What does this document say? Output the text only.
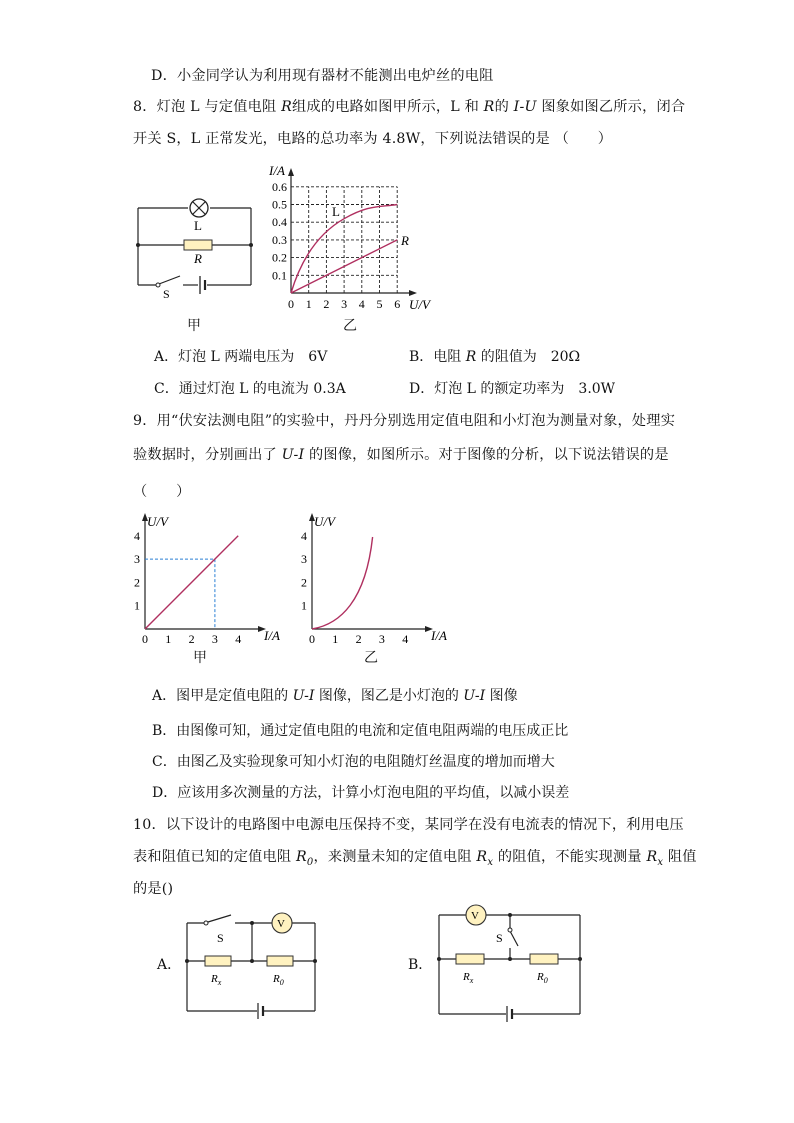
D．小金同学认为利用现有器材不能测出电炉丝的电阻
8．灯泡 L 与定值电阻 R组成的电路如图甲所示，L 和 R的 I-U 图象如图乙所示，闭合
开关 S，L 正常发光，电路的总功率为 4.8W，下列说法错误的是 （　　）
L
R
S
甲
0.6
0.5
0.4
0.3
0.2
0.1
0 1 2 3 4 5 6
I/A
U/V
L
R
乙
A．灯泡 L 两端电压为　6V	B．电阻 R 的阻值为　20Ω
C．通过灯泡 L 的电流为 0.3A	D．灯泡 L 的额定功率为　3.0W
9．用“伏安法测电阻”的实验中，丹丹分别选用定值电阻和小灯泡为测量对象，处理实
验数据时，分别画出了 U-I 的图像，如图所示。对于图像的分析，以下说法错误的是
（　　）
4
3
2
1
0 1 2 3 4
U/V
I/A
甲
4
3
2
1
0 1 2 3 4
U/V
I/A
乙
A．图甲是定值电阻的 U-I 图像，图乙是小灯泡的 U-I 图像
B．由图像可知，通过定值电阻的电流和定值电阻两端的电压成正比
C．由图乙及实验现象可知小灯泡的电阻随灯丝温度的增加而增大
D．应该用多次测量的方法，计算小灯泡电阻的平均值，以减小误差
10．以下设计的电路图中电源电压保持不变，某同学在没有电流表的情况下，利用电压
表和阻值已知的定值电阻 $R_0$，来测量未知的定值电阻 $R_x$ 的阻值，不能实现测量 $R_x$ 阻值
的是()
A．
V
S
$R_x$	$R_0$
B．
V
S
$R_x$	$R_0$
